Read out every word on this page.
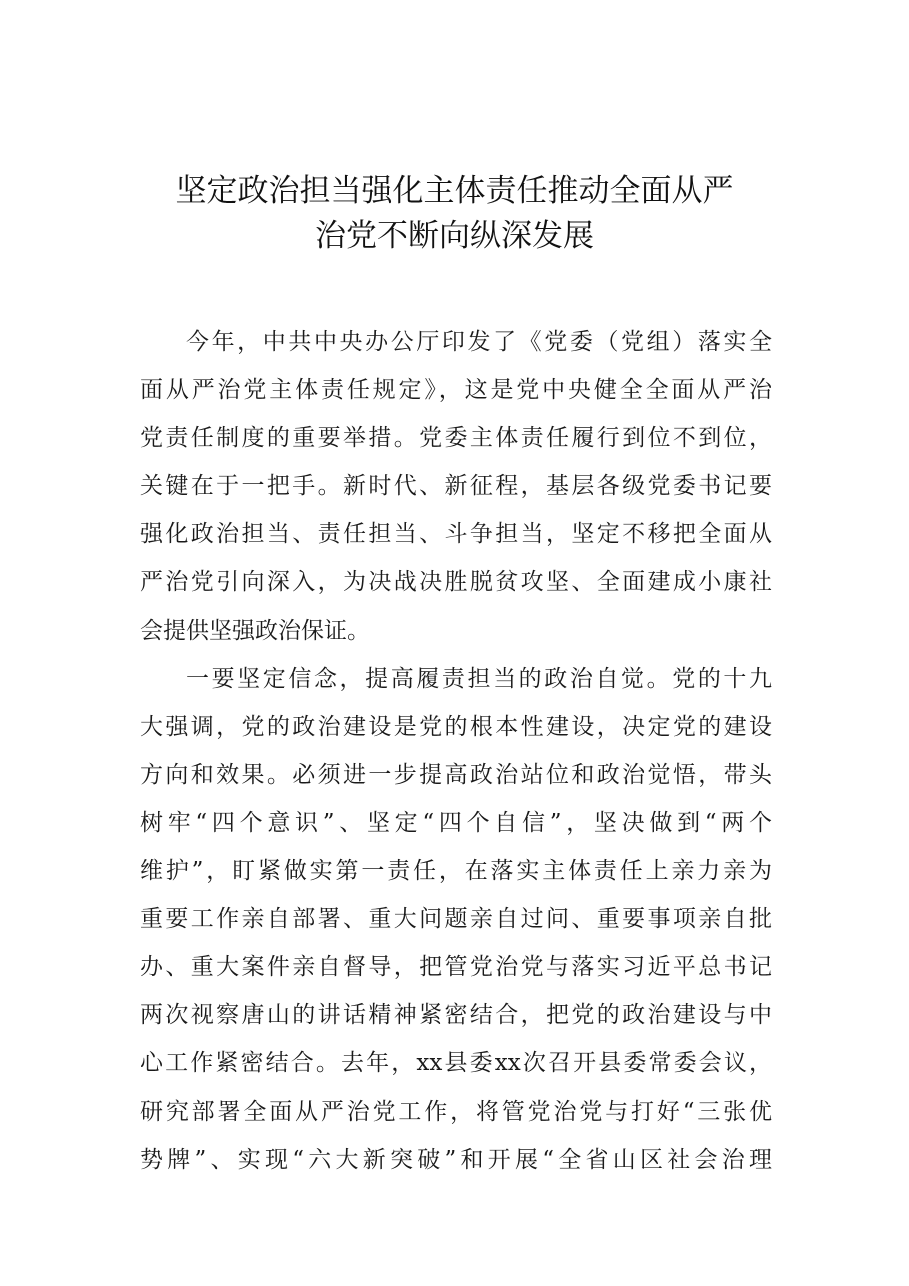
坚定政治担当强化主体责任推动全面从严
治党不断向纵深发展
今年，中共中央办公厅印发了《党委（党组）落实全
面从严治党主体责任规定》，这是党中央健全全面从严治
党责任制度的重要举措。党委主体责任履行到位不到位，
关键在于一把手。新时代、新征程，基层各级党委书记要
强化政治担当、责任担当、斗争担当，坚定不移把全面从
严治党引向深入，为决战决胜脱贫攻坚、全面建成小康社
会提供坚强政治保证。
一要坚定信念，提高履责担当的政治自觉。党的十九
大强调，党的政治建设是党的根本性建设，决定党的建设
方向和效果。必须进一步提高政治站位和政治觉悟，带头
树牢“四个意识”、坚定“四个自信”，坚决做到“两个
维护”，盯紧做实第一责任，在落实主体责任上亲力亲为
重要工作亲自部署、重大问题亲自过问、重要事项亲自批
办、重大案件亲自督导，把管党治党与落实习近平总书记
两次视察唐山的讲话精神紧密结合，把党的政治建设与中
心工作紧密结合。去年，xx县委xx次召开县委常委会议，
研究部署全面从严治党工作，将管党治党与打好“三张优
势牌”、实现“六大新突破”和开展“全省山区社会治理
